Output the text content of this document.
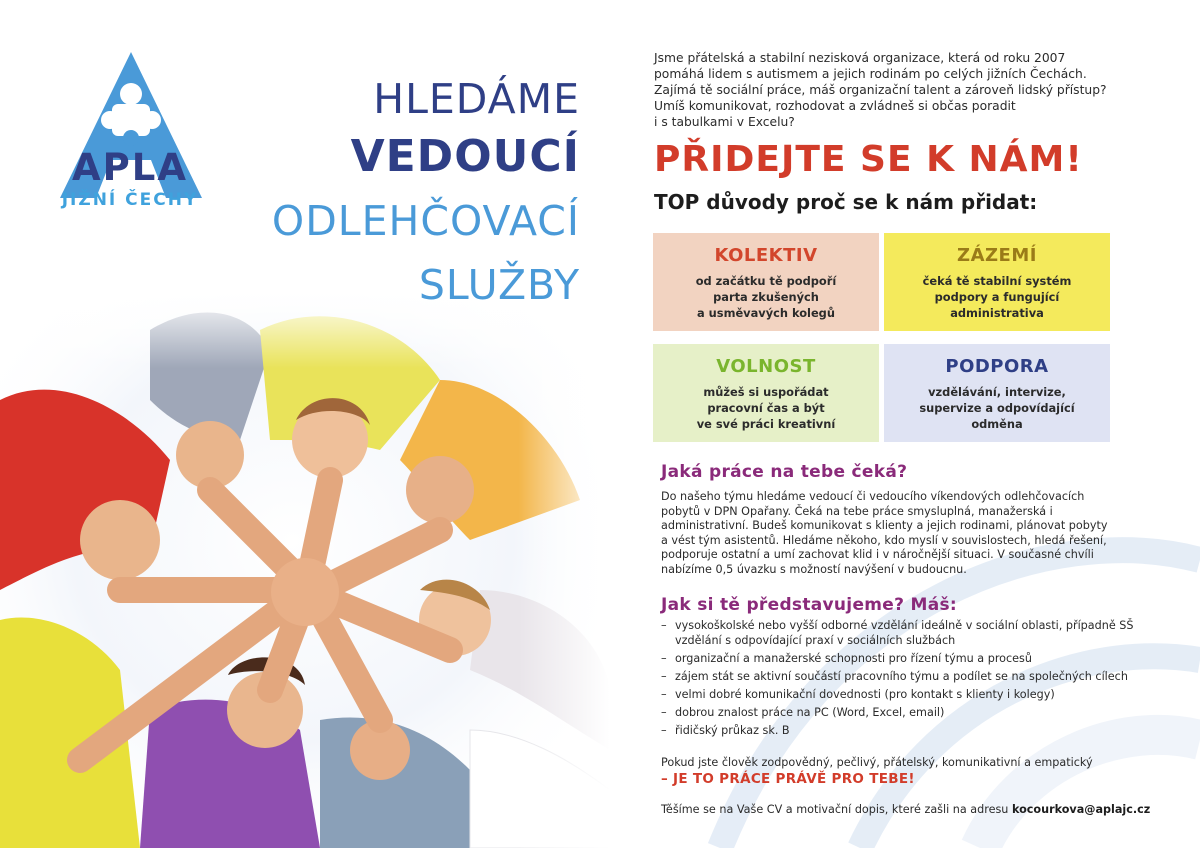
APLA
JIŽNÍ ČECHY
HLEDÁME
VEDOUCÍ
ODLEHČOVACÍ
SLUŽBY

Jsme přátelská a stabilní nezisková organizace, která od roku 2007

pomáhá lidem s autismem a jejich rodinám po celých jižních Čechách.

Zajímá tě sociální práce, máš organizační talent a zároveň lidský přístup?

Umíš komunikovat, rozhodovat a zvládneš si občas poradit

i s tabulkami v Excelu?

PŘIDEJTE SE K NÁM!
TOP důvody proč se k nám přidat:
KOLEKTIV
od začátku tě podpoří
parta zkušených
a usměvavých kolegů
ZÁZEMÍ
čeká tě stabilní systém
podpory a fungující
administrativa
VOLNOST
můžeš si uspořádat
pracovní čas a být
ve své práci kreativní
PODPORA
vzdělávání, intervize,
supervize a odpovídající
odměna
Jaká práce na tebe čeká?

Do našeho týmu hledáme vedoucí či vedoucího víkendových odlehčovacích

pobytů v DPN Opařany. Čeká na tebe práce smysluplná, manažerská i

administrativní. Budeš komunikovat s klienty a jejich rodinami, plánovat pobyty

a vést tým asistentů. Hledáme někoho, kdo myslí v souvislostech, hledá řešení,

podporuje ostatní a umí zachovat klid i v náročnější situaci. V současné chvíli

nabízíme 0,5 úvazku s možností navýšení v budoucnu.

Jak si tě představujeme? Máš:
– vysokoškolské nebo vyšší odborné vzdělání ideálně v sociální oblasti, případně SŠ vzdělání s odpovídající praxí v sociálních službách
– organizační a manažerské schopnosti pro řízení týmu a procesů
– zájem stát se aktivní součástí pracovního týmu a podílet se na společných cílech
– velmi dobré komunikační dovednosti (pro kontakt s klienty i kolegy)
– dobrou znalost práce na PC (Word, Excel, email)
– řidičský průkaz sk. B
Pokud jste člověk zodpovědný, pečlivý, přátelský, komunikativní a empatický
– JE TO PRÁCE PRÁVĚ PRO TEBE!
Těšíme se na Vaše CV a motivační dopis, které zašli na adresu kocourkova@aplajc.cz
